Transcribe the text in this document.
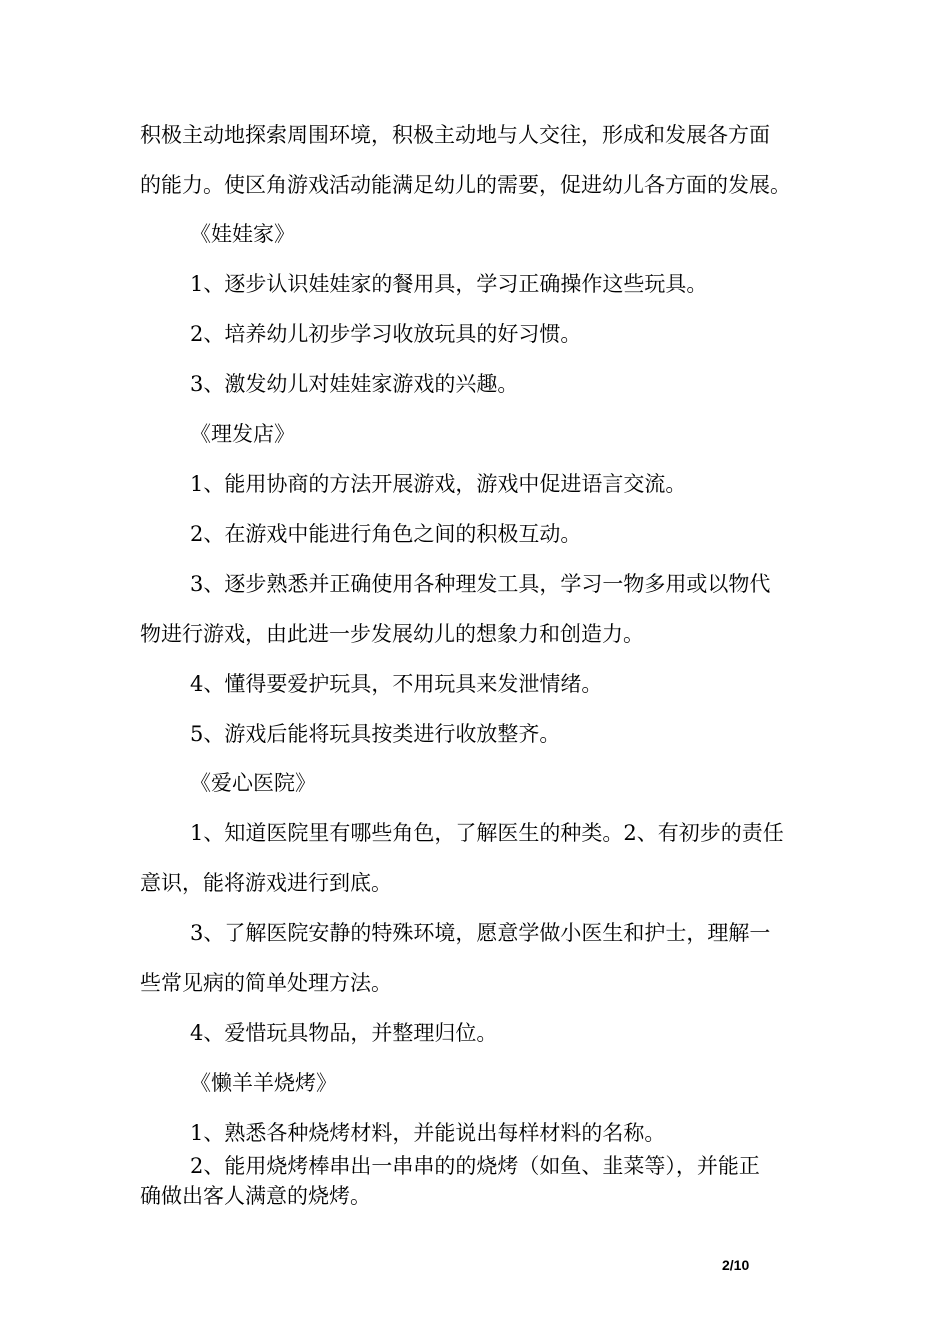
积极主动地探索周围环境，积极主动地与人交往，形成和发展各方面
的能力。使区角游戏活动能满足幼儿的需要，促进幼儿各方面的发展。
《娃娃家》
1、逐步认识娃娃家的餐用具，学习正确操作这些玩具。
2、培养幼儿初步学习收放玩具的好习惯。
3、激发幼儿对娃娃家游戏的兴趣。
《理发店》
1、能用协商的方法开展游戏，游戏中促进语言交流。
2、在游戏中能进行角色之间的积极互动。
3、逐步熟悉并正确使用各种理发工具，学习一物多用或以物代
物进行游戏，由此进一步发展幼儿的想象力和创造力。
4、懂得要爱护玩具，不用玩具来发泄情绪。
5、游戏后能将玩具按类进行收放整齐。
《爱心医院》
1、知道医院里有哪些角色，了解医生的种类。2、有初步的责任
意识，能将游戏进行到底。
3、了解医院安静的特殊环境，愿意学做小医生和护士，理解一
些常见病的简单处理方法。
4、爱惜玩具物品，并整理归位。
《懒羊羊烧烤》
1、熟悉各种烧烤材料，并能说出每样材料的名称。
2、能用烧烤棒串出一串串的的烧烤（如鱼、韭菜等），并能正
确做出客人满意的烧烤。
2/10
